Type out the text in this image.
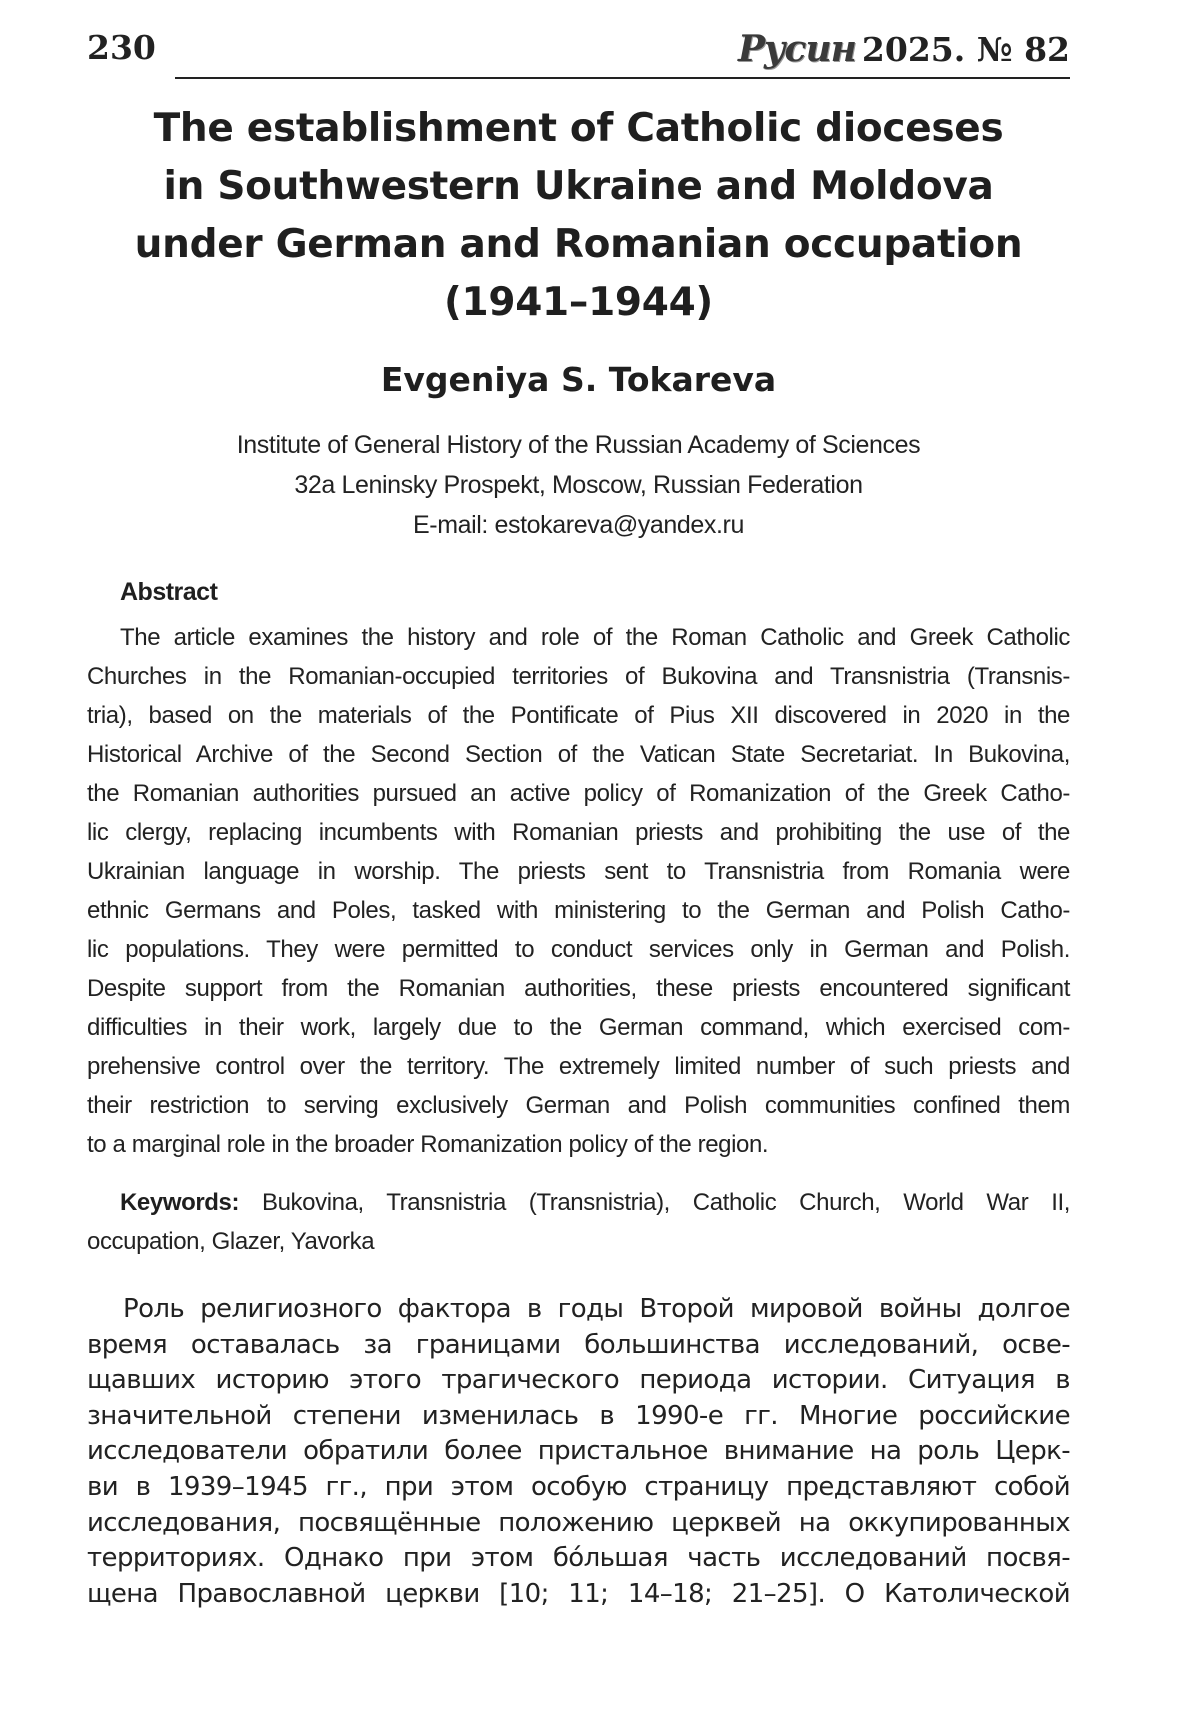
230	Русин 2025. № 82
The establishment of Catholic dioceses
in Southwestern Ukraine and Moldova
under German and Romanian occupation
(1941–1944)
Evgeniya S. Tokareva
Institute of General History of the Russian Academy of Sciences
32a Leninsky Prospekt, Moscow, Russian Federation
E-mail: estokareva@yandex.ru
Abstract
The article examines the history and role of the Roman Catholic and Greek Catholic
Churches in the Romanian-occupied territories of Bukovina and Transnistria (Transnis-
tria), based on the materials of the Pontificate of Pius XII discovered in 2020 in the
Historical Archive of the Second Section of the Vatican State Secretariat. In Bukovina,
the Romanian authorities pursued an active policy of Romanization of the Greek Catho-
lic clergy, replacing incumbents with Romanian priests and prohibiting the use of the
Ukrainian language in worship. The priests sent to Transnistria from Romania were
ethnic Germans and Poles, tasked with ministering to the German and Polish Catho-
lic populations. They were permitted to conduct services only in German and Polish.
Despite support from the Romanian authorities, these priests encountered significant
difficulties in their work, largely due to the German command, which exercised com-
prehensive control over the territory. The extremely limited number of such priests and
their restriction to serving exclusively German and Polish communities confined them
to a marginal role in the broader Romanization policy of the region.
Keywords: Bukovina, Transnistria (Transnistria), Catholic Church, World War II,
occupation, Glazer, Yavorka
Роль религиозного фактора в годы Второй мировой войны долгое
время оставалась за границами большинства исследований, осве-
щавших историю этого трагического периода истории. Ситуация в
значительной степени изменилась в 1990-е гг. Многие российские
исследователи обратили более пристальное внимание на роль Церк-
ви в 1939–1945 гг., при этом особую страницу представляют собой
исследования, посвящённые положению церквей на оккупированных
территориях. Однако при этом бóльшая часть исследований посвя-
щена Православной церкви [10; 11; 14–18; 21–25]. О Католической
